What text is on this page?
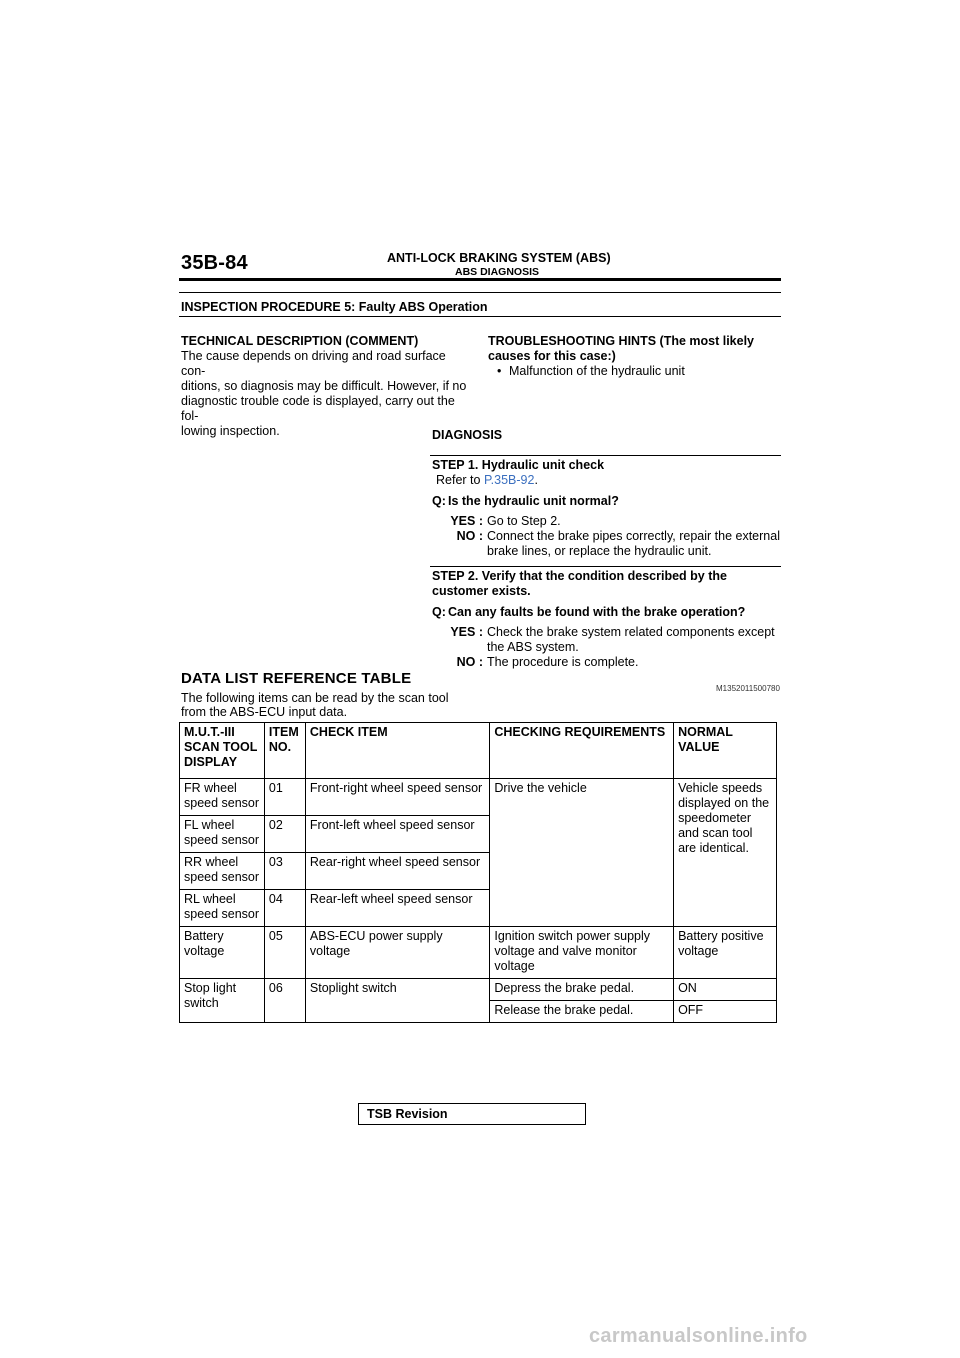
35B-84	ANTI-LOCK BRAKING SYSTEM (ABS)
ABS DIAGNOSIS
INSPECTION PROCEDURE 5: Faulty ABS Operation
TECHNICAL DESCRIPTION (COMMENT)
The cause depends on driving and road surface con-
ditions, so diagnosis may be difficult. However, if no
diagnostic trouble code is displayed, carry out the fol-
lowing inspection.
TROUBLESHOOTING HINTS (The most likely
causes for this case:)
• Malfunction of the hydraulic unit
DIAGNOSIS
STEP 1. Hydraulic unit check
Refer to P.35B-92.
Q: Is the hydraulic unit normal?
YES : Go to Step 2.
NO : Connect the brake pipes correctly, repair the external brake lines, or replace the hydraulic unit.
STEP 2. Verify that the condition described by the
customer exists.
Q: Can any faults be found with the brake operation?
YES : Check the brake system related components except the ABS system.
NO : The procedure is complete.
DATA LIST REFERENCE TABLE
M1352011500780
The following items can be read by the scan tool
from the ABS-ECU input data.
M.U.T.-III SCAN TOOL DISPLAY	ITEM NO.	CHECK ITEM	CHECKING REQUIREMENTS	NORMAL VALUE
FR wheel speed sensor	01	Front-right wheel speed sensor	Drive the vehicle	Vehicle speeds displayed on the speedometer and scan tool are identical.
FL wheel speed sensor	02	Front-left wheel speed sensor		
RR wheel speed sensor	03	Rear-right wheel speed sensor		
RL wheel speed sensor	04	Rear-left wheel speed sensor		
Battery voltage	05	ABS-ECU power supply voltage	Ignition switch power supply voltage and valve monitor voltage	Battery positive voltage
Stop light switch	06	Stoplight switch	Depress the brake pedal.	ON
			Release the brake pedal.	OFF
TSB Revision
carmanualsonline.info
